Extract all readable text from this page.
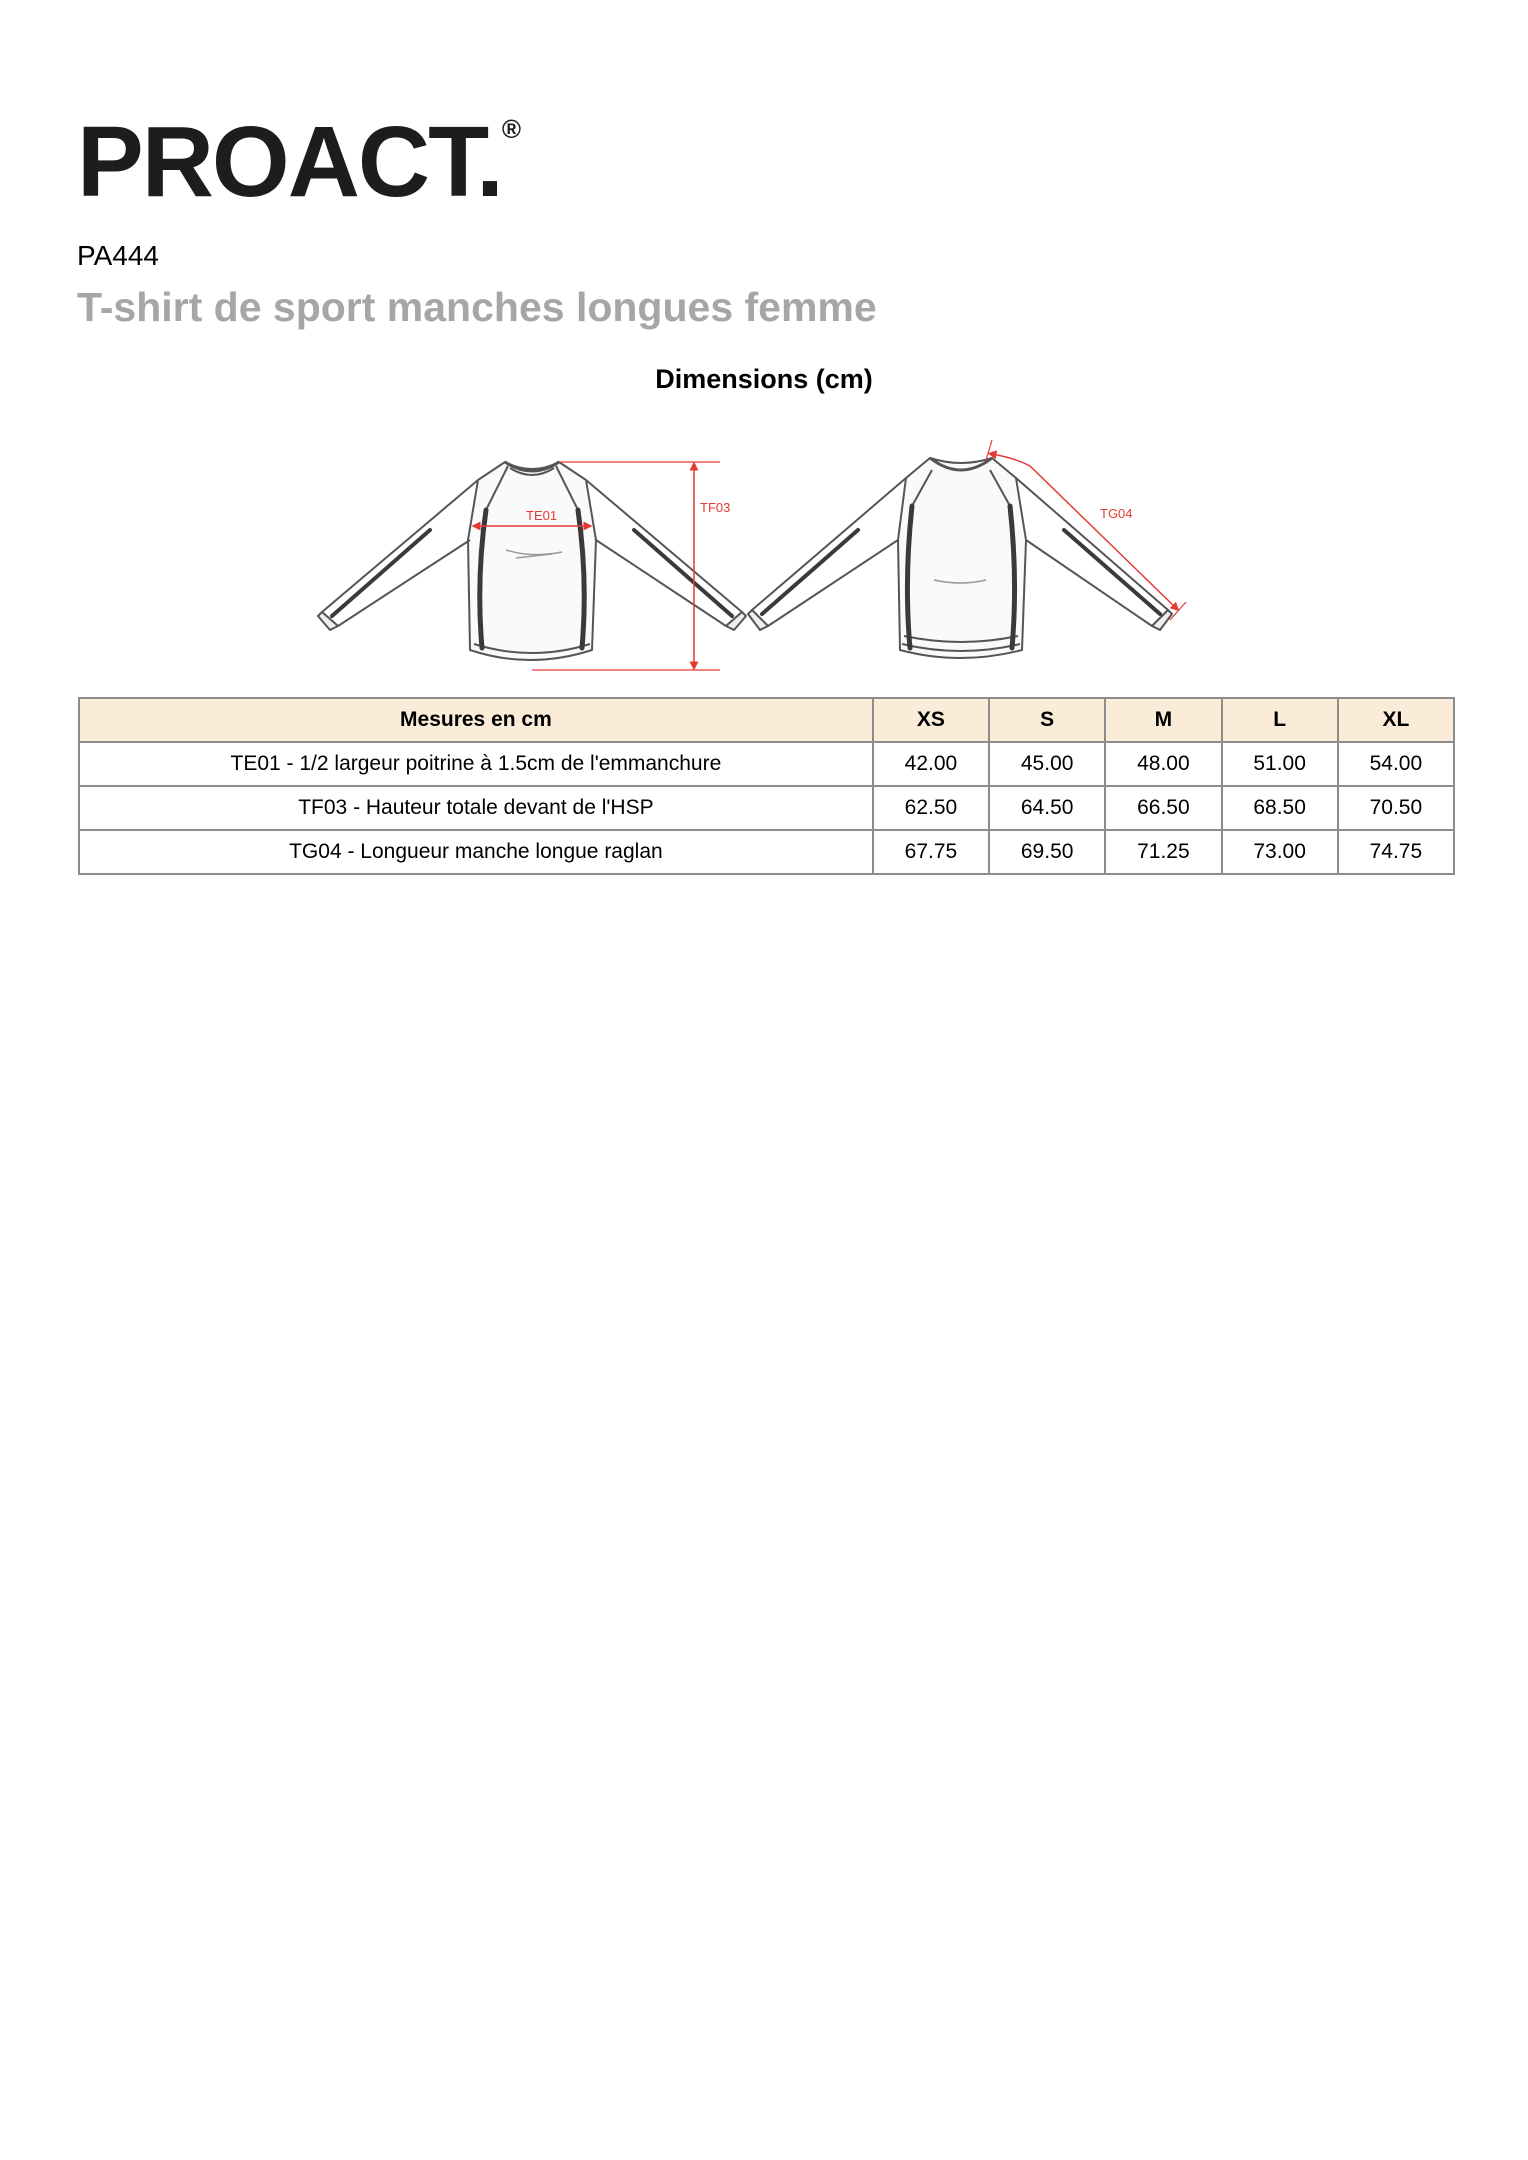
PROACT. ®
PA444
T-shirt de sport manches longues femme
Dimensions (cm)
TE01
TF03	TG04
Mesures en cm	XS	S	M	L	XL
TE01 - 1/2 largeur poitrine à 1.5cm de l'emmanchure	42.00	45.00	48.00	51.00	54.00
TF03 - Hauteur totale devant de l'HSP	62.50	64.50	66.50	68.50	70.50
TG04 - Longueur manche longue raglan	67.75	69.50	71.25	73.00	74.75
